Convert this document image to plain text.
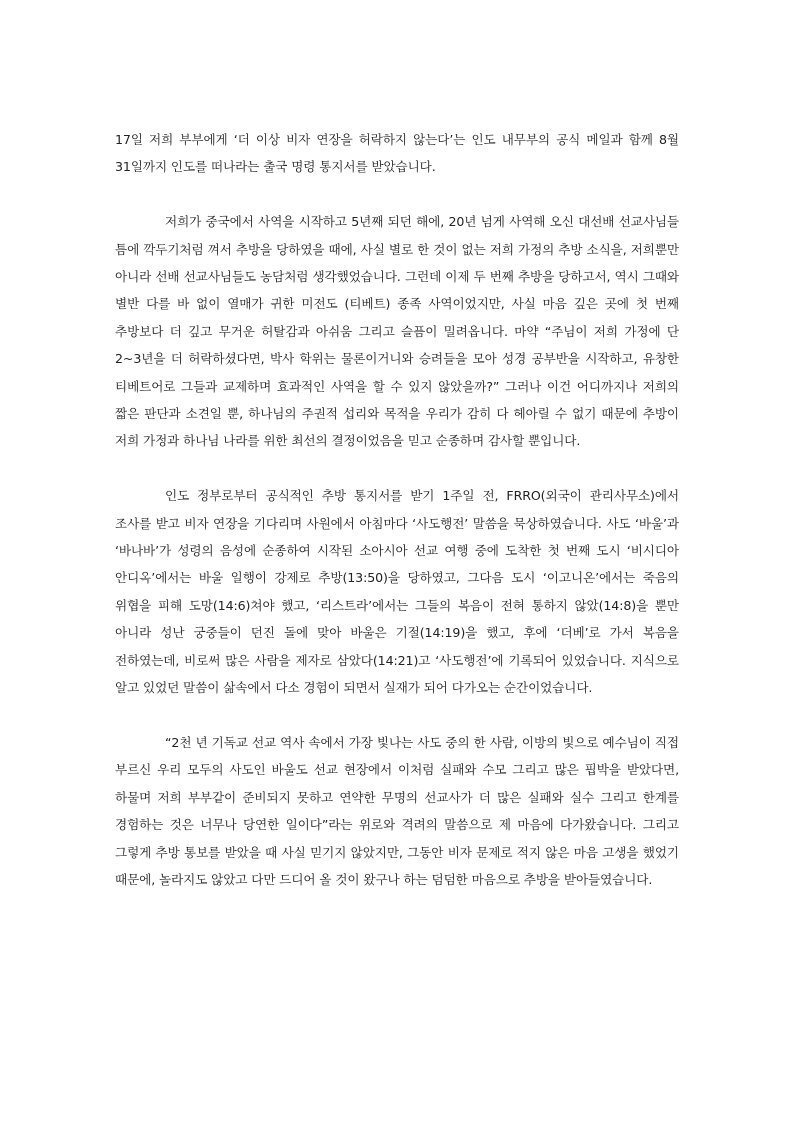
17일 저희 부부에게 ‘더 이상 비자 연장을 허락하지 않는다’는 인도 내무부의 공식 메일과 함께 8월 31일까지 인도를 떠나라는 출국 명령 통지서를 받았습니다.

저희가 중국에서 사역을 시작하고 5년째 되던 해에, 20년 넘게 사역해 오신 대선배 선교사님들 틈에 깍두기처럼 껴서 추방을 당하였을 때에, 사실 별로 한 것이 없는 저희 가정의 추방 소식을, 저희뿐만 아니라 선배 선교사님들도 농담처럼 생각했었습니다. 그런데 이제 두 번째 추방을 당하고서, 역시 그때와 별반 다를 바 없이 열매가 귀한 미전도 (티베트) 종족 사역이었지만, 사실 마음 깊은 곳에 첫 번째 추방보다 더 깊고 무거운 허탈감과 아쉬움 그리고 슬픔이 밀려옵니다. 마약 “주님이 저희 가정에 단 2~3년을 더 허락하셨다면, 박사 학위는 물론이거니와 승려들을 모아 성경 공부반을 시작하고, 유창한 티베트어로 그들과 교제하며 효과적인 사역을 할 수 있지 않았을까?” 그러나 이건 어디까지나 저희의 짧은 판단과 소견일 뿐, 하나님의 주권적 섭리와 목적을 우리가 감히 다 헤아릴 수 없기 때문에 추방이 저희 가정과 하나님 나라를 위한 최선의 결정이었음을 믿고 순종하며 감사할 뿐입니다.

인도 정부로부터 공식적인 추방 통지서를 받기 1주일 전, FRRO(외국이 관리사무소)에서 조사를 받고 비자 연장을 기다리며 사원에서 아침마다 ‘사도행전’ 말씀을 묵상하였습니다. 사도 ‘바울’과 ‘바나바’가 성령의 음성에 순종하여 시작된 소아시아 선교 여행 중에 도착한 첫 번째 도시 ‘비시디아 안디옥’에서는 바울 일행이 강제로 추방(13:50)을 당하였고, 그다음 도시 ‘이고니온’에서는 죽음의 위협을 피해 도망(14:6)쳐야 했고, ‘리스트라’에서는 그들의 복음이 전혀 통하지 않았(14:8)을 뿐만 아니라 성난 궁중들이 던진 돌에 맞아 바울은 기절(14:19)을 했고, 후에 ‘더베’로 가서 복음을 전하였는데, 비로써 많은 사람을 제자로 삼았다(14:21)고 ‘사도행전’에 기록되어 있었습니다. 지식으로 알고 있었던 말씀이 삶속에서 다소 경험이 되면서 실재가 되어 다가오는 순간이었습니다.

“2천 년 기독교 선교 역사 속에서 가장 빛나는 사도 중의 한 사람, 이방의 빛으로 예수님이 직접 부르신 우리 모두의 사도인 바울도 선교 현장에서 이처럼 실패와 수모 그리고 많은 핍박을 받았다면, 하물며 저희 부부같이 준비되지 못하고 연약한 무명의 선교사가 더 많은 실패와 실수 그리고 한계를 경험하는 것은 너무나 당연한 일이다”라는 위로와 격려의 말씀으로 제 마음에 다가왔습니다. 그리고 그렇게 추방 통보를 받았을 때 사실 믿기지 않았지만, 그동안 비자 문제로 적지 않은 마음 고생을 했었기 때문에, 놀라지도 않았고 다만 드디어 올 것이 왔구나 하는 덤덤한 마음으로 추방을 받아들였습니다.
